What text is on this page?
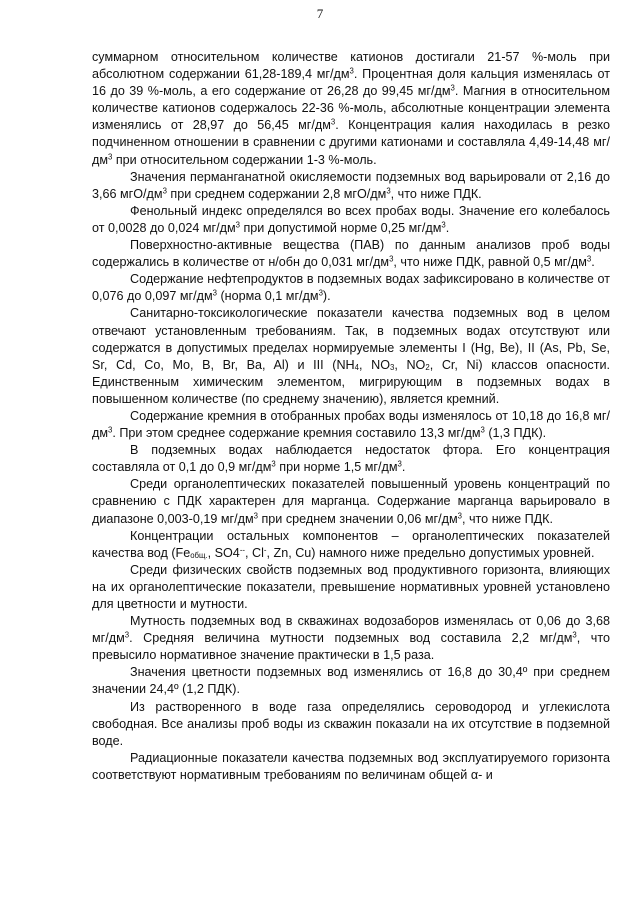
7

суммарном относительном количестве катионов достигали 21-57 %-моль при абсолютном содержании 61,28-189,4 $мг/дм^3$. Процентная доля кальция изменялась от 16 до 39 %-моль, а его содержание от 26,28 до 99,45 $мг/дм^3$. Магния в относительном количестве катионов содержалось 22-36 %-моль, абсолютные концентрации элемента изменялись от 28,97 до 56,45 $мг/дм^3$. Концентрация калия находилась в резко подчиненном отношении в сравнении с другими катионами и составляла 4,49-14,48 $мг/дм^3$ при относительном содержании 1-3 %-моль.

Значения перманганатной окисляемости подземных вод варьировали от 2,16 до 3,66 мгО/$дм^3$ при среднем содержании 2,8 мгО/$дм^3$, что ниже ПДК.

Фенольный индекс определялся во всех пробах воды. Значение его колебалось от 0,0028 до 0,024 $мг/дм^3$ при допустимой норме 0,25 $мг/дм^3$.

Поверхностно-активные вещества (ПАВ) по данным анализов проб воды содержались в количестве от н/обн до 0,031 $мг/дм^3$, что ниже ПДК, равной 0,5 $мг/дм^3$.

Содержание нефтепродуктов в подземных водах зафиксировано в количестве от 0,076 до 0,097 $мг/дм^3$ (норма 0,1 $мг/дм^3$).

Санитарно-токсикологические показатели качества подземных вод в целом отвечают установленным требованиям. Так, в подземных водах отсутствуют или содержатся в допустимых пределах нормируемые элементы I (Hg, Be), II (As, Pb, Se, Sr, Cd, Co, Mo, B, Br, Ba, Al) и III ($NH_4$, $NO_3$, $NO_2$, Cr, Ni) классов опасности. Единственным химическим элементом, мигрирующим в подземных водах в повышенном количестве (по среднему значению), является кремний.

Содержание кремния в отобранных пробах воды изменялось от 10,18 до 16,8 $мг/дм^3$. При этом среднее содержание кремния составило 13,3 $мг/дм^3$ (1,3 ПДК).

В подземных водах наблюдается недостаток фтора. Его концентрация составляла от 0,1 до 0,9 $мг/дм^3$ при норме 1,5 $мг/дм^3$.

Среди органолептических показателей повышенный уровень концентраций по сравнению с ПДК характерен для марганца. Содержание марганца варьировало в диапазоне 0,003-0,19 $мг/дм^3$ при среднем значении 0,06 $мг/дм^3$, что ниже ПДК.

Концентрации остальных компонентов – органолептических показателей качества вод ($Fe_{общ.}$, SO4--, Cl-, Zn, Cu) намного ниже предельно допустимых уровней.

Среди физических свойств подземных вод продуктивного горизонта, влияющих на их органолептические показатели, превышение нормативных уровней установлено для цветности и мутности.

Мутность подземных вод в скважинах водозаборов изменялась от 0,06 до 3,68 $мг/дм^3$. Средняя величина мутности подземных вод составила 2,2 $мг/дм^3$, что превысило нормативное значение практически в 1,5 раза.

Значения цветности подземных вод изменялись от 16,8 до 30,4º при среднем значении 24,4º (1,2 ПДК).

Из растворенного в воде газа определялись сероводород и углекислота свободная. Все анализы проб воды из скважин показали на их отсутствие в подземной воде.

Радиационные показатели качества подземных вод эксплуатируемого горизонта соответствуют нормативным требованиям по величинам общей α- и
